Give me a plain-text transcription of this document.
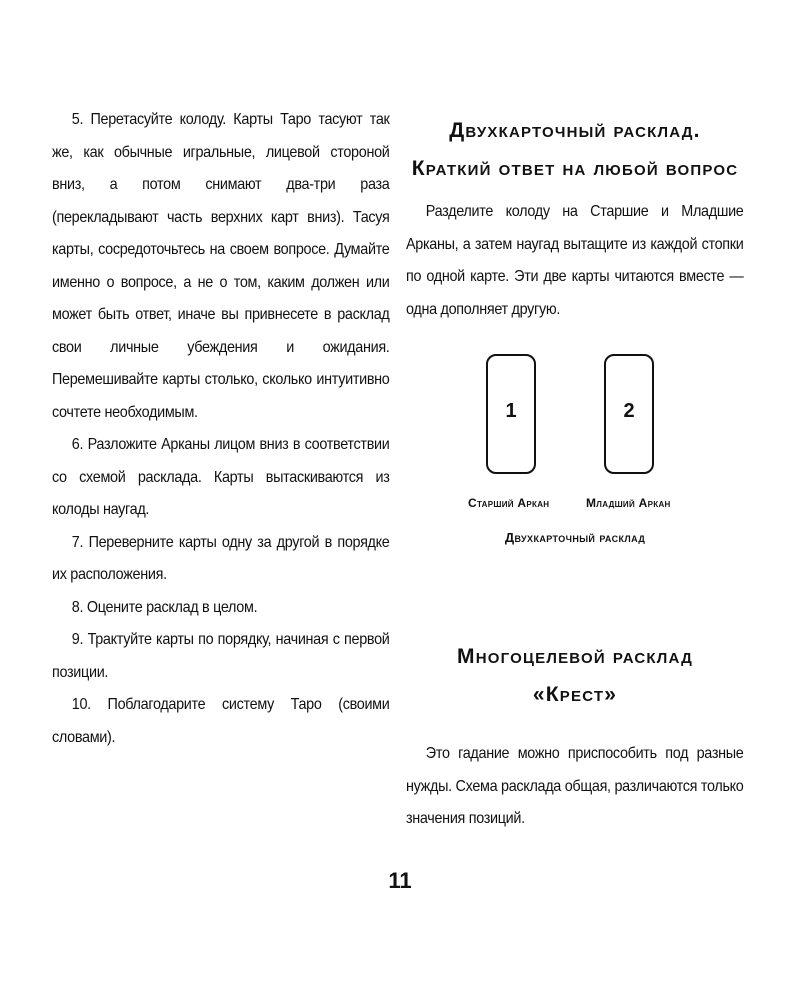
5. Перетасуйте колоду. Карты Таро тасуют так же, как обычные игральные, лицевой стороной вниз, а потом снимают два-три раза (перекладывают часть верхних карт вниз). Тасуя карты, сосредоточьтесь на своем вопросе. Думайте именно о вопросе, а не о том, каким должен или может быть ответ, иначе вы привнесете в расклад свои личные убеждения и ожидания. Перемешивайте карты столько, сколько интуитивно сочтете необходимым.

6. Разложите Арканы лицом вниз в соответствии со схемой расклада. Карты вытаскиваются из колоды наугад.

7. Переверните карты одну за другой в порядке их расположения.

8. Оцените расклад в целом.

9. Трактуйте карты по порядку, начиная с первой позиции.

10. Поблагодарите систему Таро (своими словами).

Двухкарточный расклад.
Краткий ответ на любой вопрос

Разделите колоду на Старшие и Младшие Арканы, а затем наугад вытащите из каждой стопки по одной карте. Эти две карты читаются вместе — одна дополняет другую.

1	2
Старший Аркан	Младший Аркан
Двухкарточный расклад
Многоцелевой расклад
«Крест»

Это гадание можно приспособить под разные нужды. Схема расклада общая, различаются только значения позиций.

11
